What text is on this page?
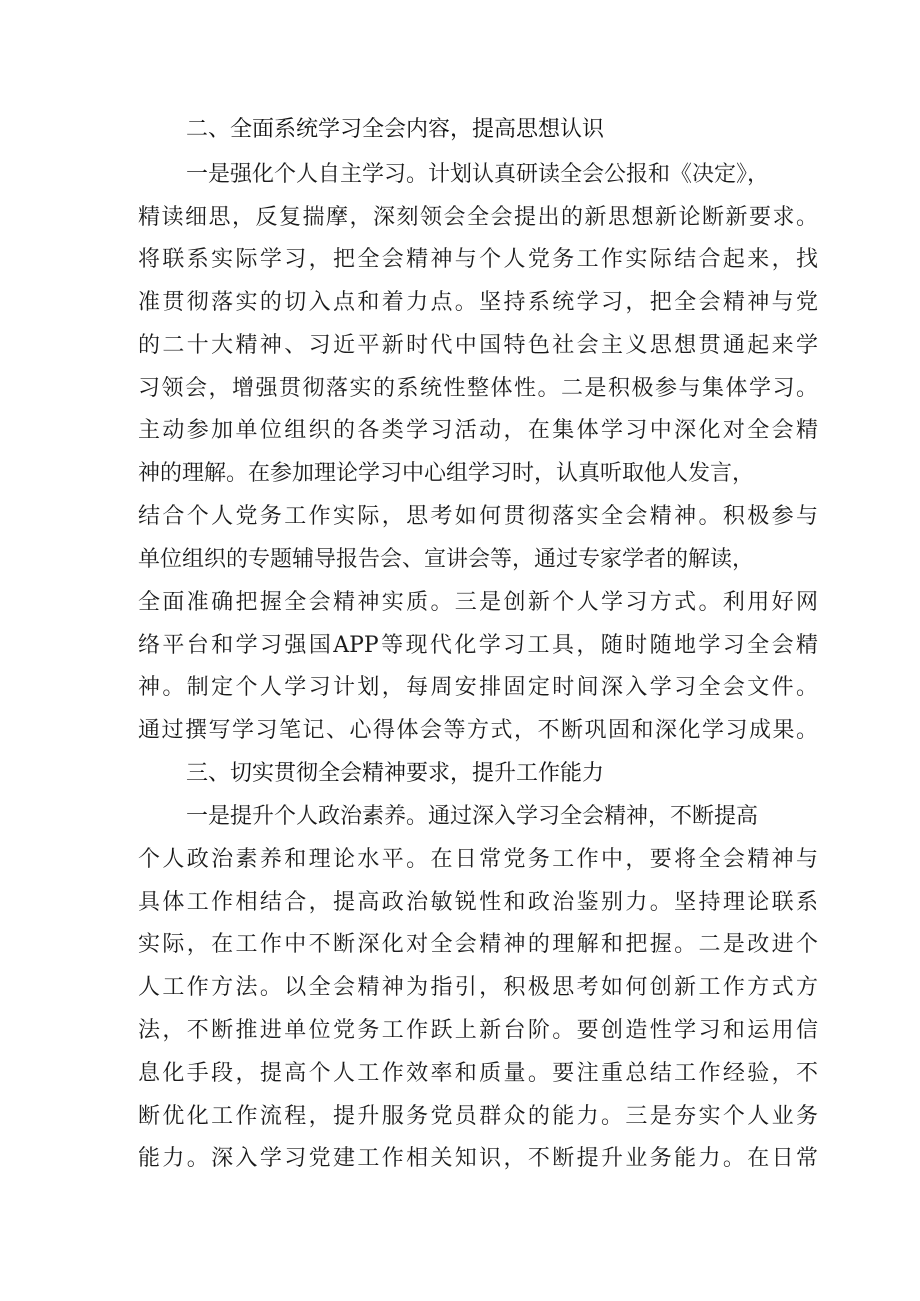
二、全面系统学习全会内容，提高思想认识
一是强化个人自主学习。计划认真研读全会公报和《决定》，
精读细思，反复揣摩，深刻领会全会提出的新思想新论断新要求。
将联系实际学习，把全会精神与个人党务工作实际结合起来，找
准贯彻落实的切入点和着力点。坚持系统学习，把全会精神与党
的二十大精神、习近平新时代中国特色社会主义思想贯通起来学
习领会，增强贯彻落实的系统性整体性。二是积极参与集体学习。
主动参加单位组织的各类学习活动，在集体学习中深化对全会精
神的理解。在参加理论学习中心组学习时，认真听取他人发言，
结合个人党务工作实际，思考如何贯彻落实全会精神。积极参与
单位组织的专题辅导报告会、宣讲会等，通过专家学者的解读，
全面准确把握全会精神实质。三是创新个人学习方式。利用好网
络平台和学习强国APP等现代化学习工具，随时随地学习全会精
神。制定个人学习计划，每周安排固定时间深入学习全会文件。
通过撰写学习笔记、心得体会等方式，不断巩固和深化学习成果。
三、切实贯彻全会精神要求，提升工作能力
一是提升个人政治素养。通过深入学习全会精神，不断提高
个人政治素养和理论水平。在日常党务工作中，要将全会精神与
具体工作相结合，提高政治敏锐性和政治鉴别力。坚持理论联系
实际，在工作中不断深化对全会精神的理解和把握。二是改进个
人工作方法。以全会精神为指引，积极思考如何创新工作方式方
法，不断推进单位党务工作跃上新台阶。要创造性学习和运用信
息化手段，提高个人工作效率和质量。要注重总结工作经验，不
断优化工作流程，提升服务党员群众的能力。三是夯实个人业务
能力。深入学习党建工作相关知识，不断提升业务能力。在日常
